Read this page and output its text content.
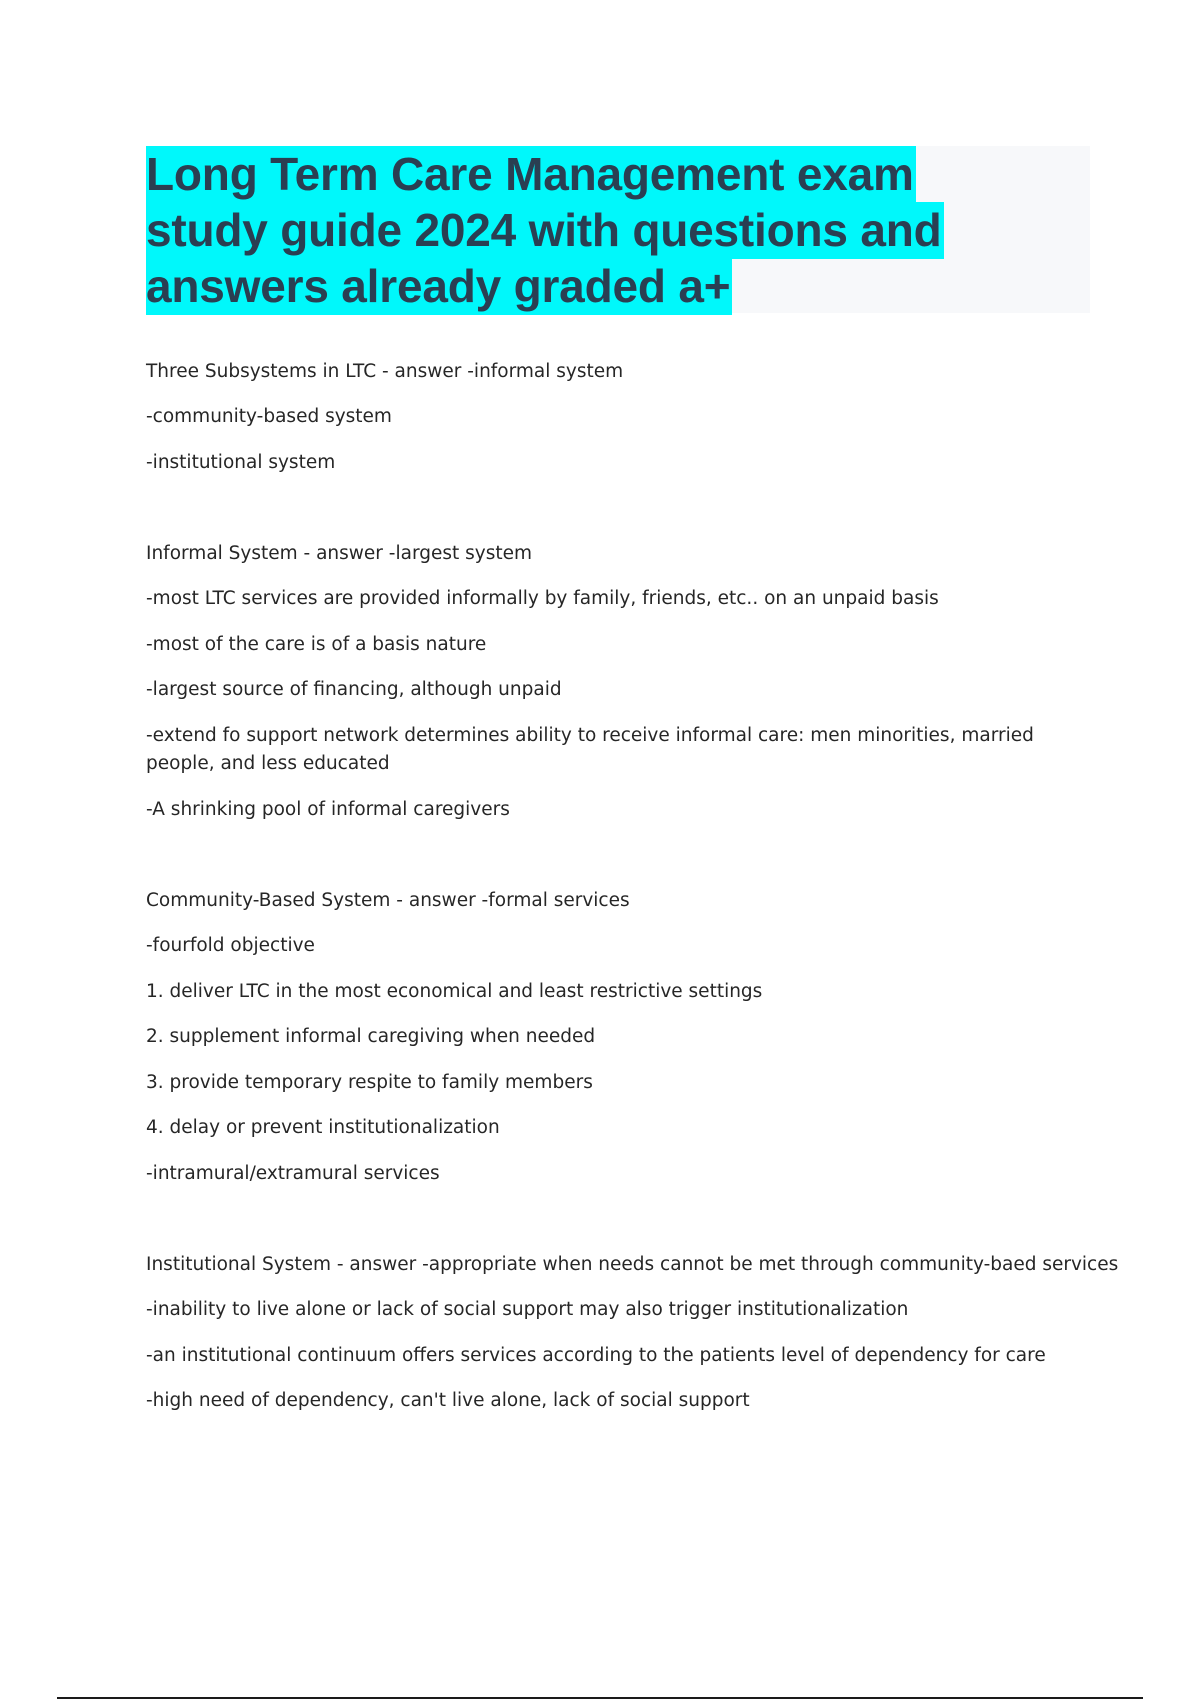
Long Term Care Management exam
study guide 2024 with questions and
answers already graded a+
Three Subsystems in LTC - answer -informal system
-community-based system
-institutional system
Informal System - answer -largest system
-most LTC services are provided informally by family, friends, etc.. on an unpaid basis
-most of the care is of a basis nature
-largest source of financing, although unpaid
-extend fo support network determines ability to receive informal care: men minorities, married people, and less educated
-A shrinking pool of informal caregivers
Community-Based System - answer -formal services
-fourfold objective
1. deliver LTC in the most economical and least restrictive settings
2. supplement informal caregiving when needed
3. provide temporary respite to family members
4. delay or prevent institutionalization
-intramural/extramural services
Institutional System - answer -appropriate when needs cannot be met through community-baed services
-inability to live alone or lack of social support may also trigger institutionalization
-an institutional continuum offers services according to the patients level of dependency for care
-high need of dependency, can't live alone, lack of social support
